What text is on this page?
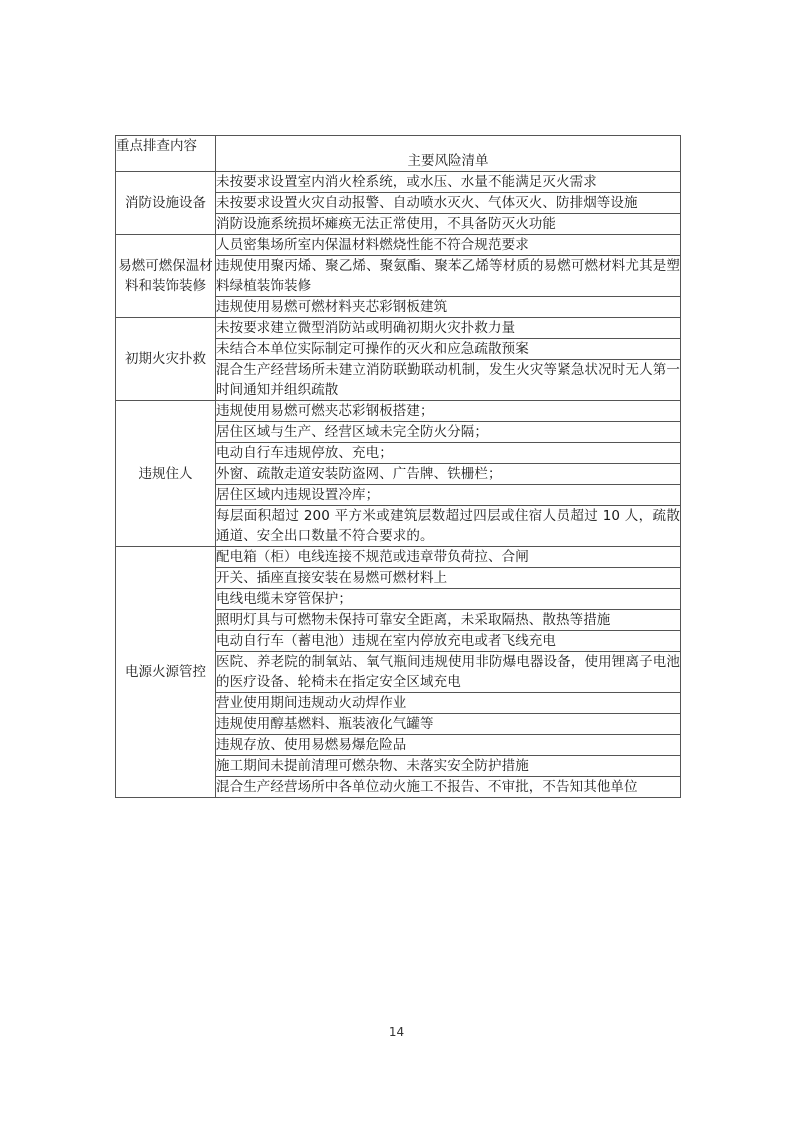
重点排查内容	主要风险清单
消防设施设备	未按要求设置室内消火栓系统，或水压、水量不能满足灭火需求
	未按要求设置火灾自动报警、自动喷水灭火、气体灭火、防排烟等设施
	消防设施系统损坏瘫痪无法正常使用，不具备防灭火功能
易燃可燃保温材料和装饰装修	人员密集场所室内保温材料燃烧性能不符合规范要求
	违规使用聚丙烯、聚乙烯、聚氨酯、聚苯乙烯等材质的易燃可燃材料尤其是塑料绿植装饰装修
	违规使用易燃可燃材料夹芯彩钢板建筑
初期火灾扑救	未按要求建立微型消防站或明确初期火灾扑救力量
	未结合本单位实际制定可操作的灭火和应急疏散预案
	混合生产经营场所未建立消防联勤联动机制，发生火灾等紧急状况时无人第一时间通知并组织疏散
违规住人	违规使用易燃可燃夹芯彩钢板搭建；
	居住区域与生产、经营区域未完全防火分隔；
	电动自行车违规停放、充电；
	外窗、疏散走道安装防盗网、广告牌、铁栅栏；
	居住区域内违规设置冷库；
	每层面积超过 200 平方米或建筑层数超过四层或住宿人员超过 10 人，疏散通道、安全出口数量不符合要求的。
电源火源管控	配电箱（柜）电线连接不规范或违章带负荷拉、合闸
	开关、插座直接安装在易燃可燃材料上
	电线电缆未穿管保护；
	照明灯具与可燃物未保持可靠安全距离，未采取隔热、散热等措施
	电动自行车（蓄电池）违规在室内停放充电或者飞线充电
	医院、养老院的制氧站、氧气瓶间违规使用非防爆电器设备，使用锂离子电池的医疗设备、轮椅未在指定安全区域充电
	营业使用期间违规动火动焊作业
	违规使用醇基燃料、瓶装液化气罐等
	违规存放、使用易燃易爆危险品
	施工期间未提前清理可燃杂物、未落实安全防护措施
	混合生产经营场所中各单位动火施工不报告、不审批，不告知其他单位
14
